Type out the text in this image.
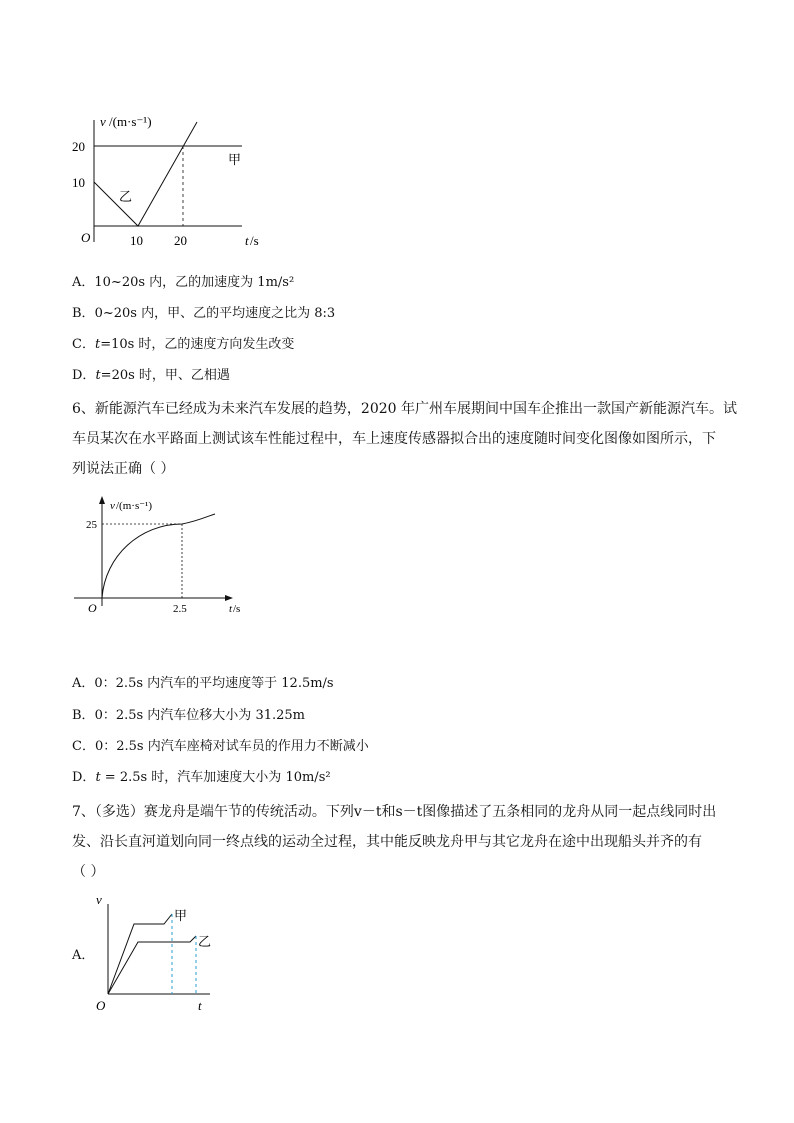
v /(m·s⁻¹)
20
10
O	10 20	t /s
甲
乙
A．10~20s 内，乙的加速度为 1m/s²
B．0~20s 内，甲、乙的平均速度之比为 8:3
C．t=10s 时，乙的速度方向发生改变
D．t=20s 时，甲、乙相遇
6、新能源汽车已经成为未来汽车发展的趋势，2020 年广州车展期间中国车企推出一款国产新能源汽车。试
车员某次在水平路面上测试该车性能过程中，车上速度传感器拟合出的速度随时间变化图像如图所示，下
列说法正确（ ）
v /(m·s⁻¹)
25
O	2.5	t /s
A．0：2.5s 内汽车的平均速度等于 12.5m/s
B．0：2.5s 内汽车位移大小为 31.25m
C．0：2.5s 内汽车座椅对试车员的作用力不断减小
D．t = 2.5s 时，汽车加速度大小为 10m/s²
7、（多选）赛龙舟是端午节的传统活动。下列v－t和s－t图像描述了五条相同的龙舟从同一起点线同时出
发、沿长直河道划向同一终点线的运动全过程，其中能反映龙舟甲与其它龙舟在途中出现船头并齐的有
（ ）
A．
v
O	t
甲
乙
